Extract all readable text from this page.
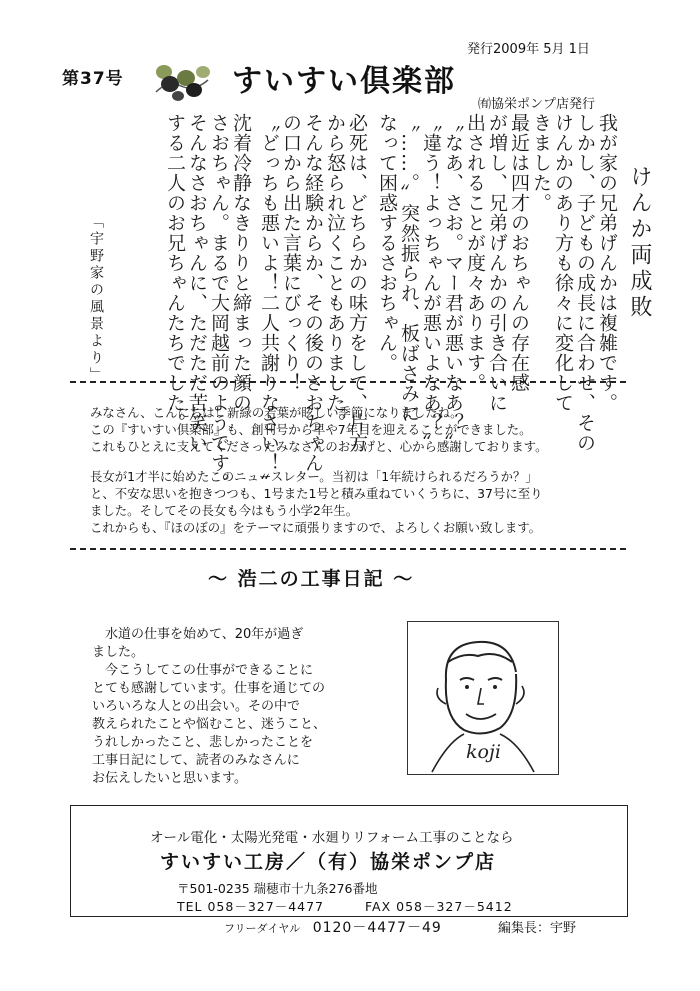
第37号	すいすい倶楽部
発行2009年 5月 1日
㈲協栄ポンプ店発行
けんか両成敗
我が家の兄弟げんかは複雑です。
しかし、子どもの成長に合わせ、その
けんかのあり方も徐々に変化して
きました。
最近は四才のおちゃんの存在感
が増し、兄弟げんかの引き合いに
出されることが度々あります。
〝なあ、さお。マー君が悪いなあ？〟
〝違う！よっちゃんが悪いよなあ？〟
〝……。〟突然振られ、板ばさみに
なって困惑するさおちゃん。
必死は、どちらかの味方をして、片方
から怒られ泣くこともありました。
そんな経験からか、その後のさおちゃん
の口から出た言葉にびっくり！
〝どっちも悪いよ！二人共謝りなさい！〟
沈着冷静なきりりと締まった顔の
さおちゃん。まるで大岡越前のようです。
そんなさおちゃんに、ただただ苦笑い
する二人のお兄ちゃんたちでした。
「宇野家の風景より」
みなさん、こんにちは！新緑の若葉が眩しい季節になりましたね。
この『すいすい倶楽部』も、創刊号から早や7年目を迎えることができました。
これもひとえに支えてくださったみなさんのおかげと、心から感謝しております。
長女が1才半に始めたこのニュースレター。当初は「1年続けられるだろうか？」
と、不安な思いを抱きつつも、1号また1号と積み重ねていくうちに、37号に至り
ました。そしてその長女も今はもう小学2年生。
これからも、『ほのぼの』をテーマに頑張りますので、よろしくお願い致します。
～ 浩二の工事日記 ～
水道の仕事を始めて、20年が過ぎ
ました。
今こうしてこの仕事ができることに
とても感謝しています。仕事を通じての
いろいろな人との出会い。その中で
教えられたことや悩むこと、迷うこと、
うれしかったこと、悲しかったことを
工事日記にして、読者のみなさんに
お伝えしたいと思います。
koji
オール電化・太陽光発電・水廻りリフォーム工事のことなら
すいすい工房／（有）協栄ポンプ店
〒501-0235 瑞穂市十九条276番地
TEL 058－327－4477	FAX 058－327－5412
フリーダイヤル 0120－4477－49	編集長：宇野
